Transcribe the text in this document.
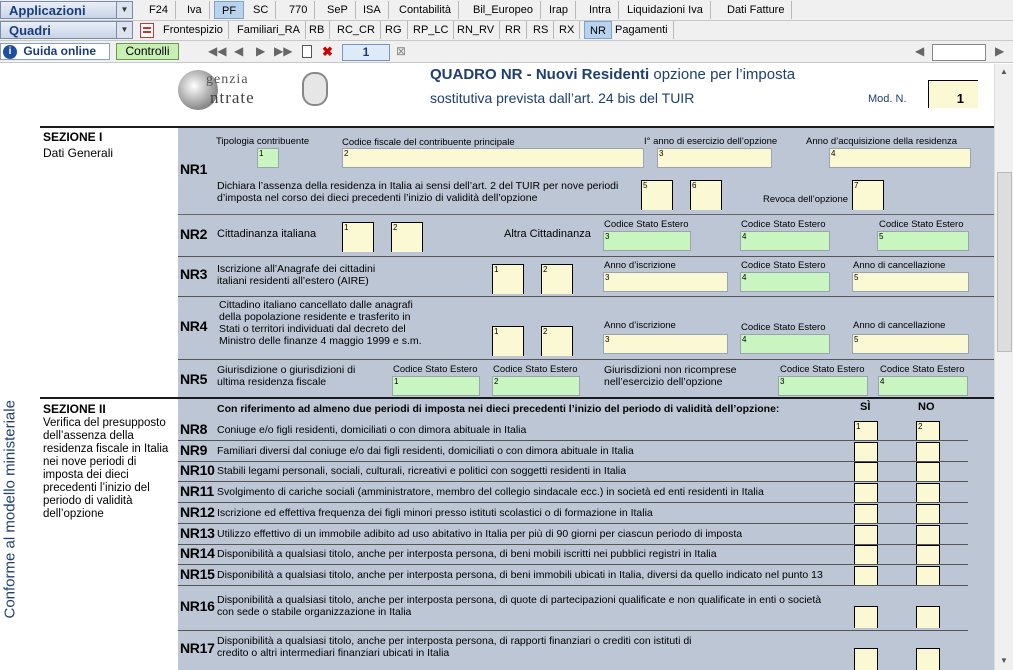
Applicazioni	▼	F24	Iva	PF	SC	770	SeP	ISA	Contabilità	Bil_Europeo	Irap	Intra	Liquidazioni Iva	Dati Fatture
Quadri	▼	Frontespizio	Familiari_RA RB	RC_CR RG	RP_LC RN_RV RR	RS RX	NR Pagamenti
i Guida online	Controlli	◀◀ ◀ ▶ ▶▶ ✖	1	⊠	◀	▶
▲
▼
Conforme al modello ministeriale
genzia
ntrate
QUADRO NR - Nuovi Residenti opzione per l’imposta
sostitutiva prevista dall’art. 24 bis del TUIR	Mod. N.	1
SEZIONE I
Dati Generali
NR1
Tipologia contribuente
1
Codice fiscale del contribuente principale
2
I° anno di esercizio dell’opzione
3
Anno d’acquisizione della residenza
4
Dichiara l’assenza della residenza in Italia ai sensi dell’art. 2 del TUIR per nove periodi d’imposta nel corso dei dieci precedenti l’inizio di validità dell’opzione
5	6
Revoca dell’opzione
7
NR2 Cittadinanza italiana
1	2
Altra Cittadinanza
Codice Stato Estero
3
Codice Stato Estero
4
Codice Stato Estero
5
NR3 Iscrizione all’Anagrafe dei cittadini italiani residenti all’estero (AIRE)
1	2	Anno d’iscrizione
3
Codice Stato Estero
4
Anno di cancellazione
5
NR4
Cittadino italiano cancellato dalle anagrafi della popolazione residente e trasferito in Stati o territori individuati dal decreto del Ministro delle finanze 4 maggio 1999 e s.m.
1	2
Anno d’iscrizione
3
Codice Stato Estero
4
Anno di cancellazione
5
NR5
Giurisdizione o giurisdizioni di ultima residenza fiscale
Codice Stato Estero
1
Codice Stato Estero
2
Giurisdizioni non ricomprese nell’esercizio dell’opzione
Codice Stato Estero
3
Codice Stato Estero
4
SEZIONE II
Verifica del presupposto dell’assenza della residenza fiscale in Italia nei nove periodi di imposta dei dieci precedenti l’inizio del periodo di validità dell’opzione
Con riferimento ad almeno due periodi di imposta nei dieci precedenti l’inizio del periodo di validità dell’opzione:	SÌ	NO
NR8 Coniuge e/o figli residenti, domiciliati o con dimora abituale in Italia	1	2
NR9 Familiari diversi dal coniuge e/o dai figli residenti, domiciliati o con dimora abituale in Italia
NR10 Stabili legami personali, sociali, culturali, ricreativi e politici con soggetti residenti in Italia
NR11 Svolgimento di cariche sociali (amministratore, membro del collegio sindacale ecc.) in società ed enti residenti in Italia
NR12 Iscrizione ed effettiva frequenza dei figli minori presso istituti scolastici o di formazione in Italia
NR13 Utilizzo effettivo di un immobile adibito ad uso abitativo in Italia per più di 90 giorni per ciascun periodo di imposta
NR14 Disponibilità a qualsiasi titolo, anche per interposta persona, di beni mobili iscritti nei pubblici registri in Italia
NR15 Disponibilità a qualsiasi titolo, anche per interposta persona, di beni immobili ubicati in Italia, diversi da quello indicato nel punto 13
NR16 Disponibilità a qualsiasi titolo, anche per interposta persona, di quote di partecipazioni qualificate e non qualificate in enti o società con sede o stabile organizzazione in Italia
NR17 Disponibilità a qualsiasi titolo, anche per interposta persona, di rapporti finanziari o crediti con istituti di credito o altri intermediari finanziari ubicati in Italia
